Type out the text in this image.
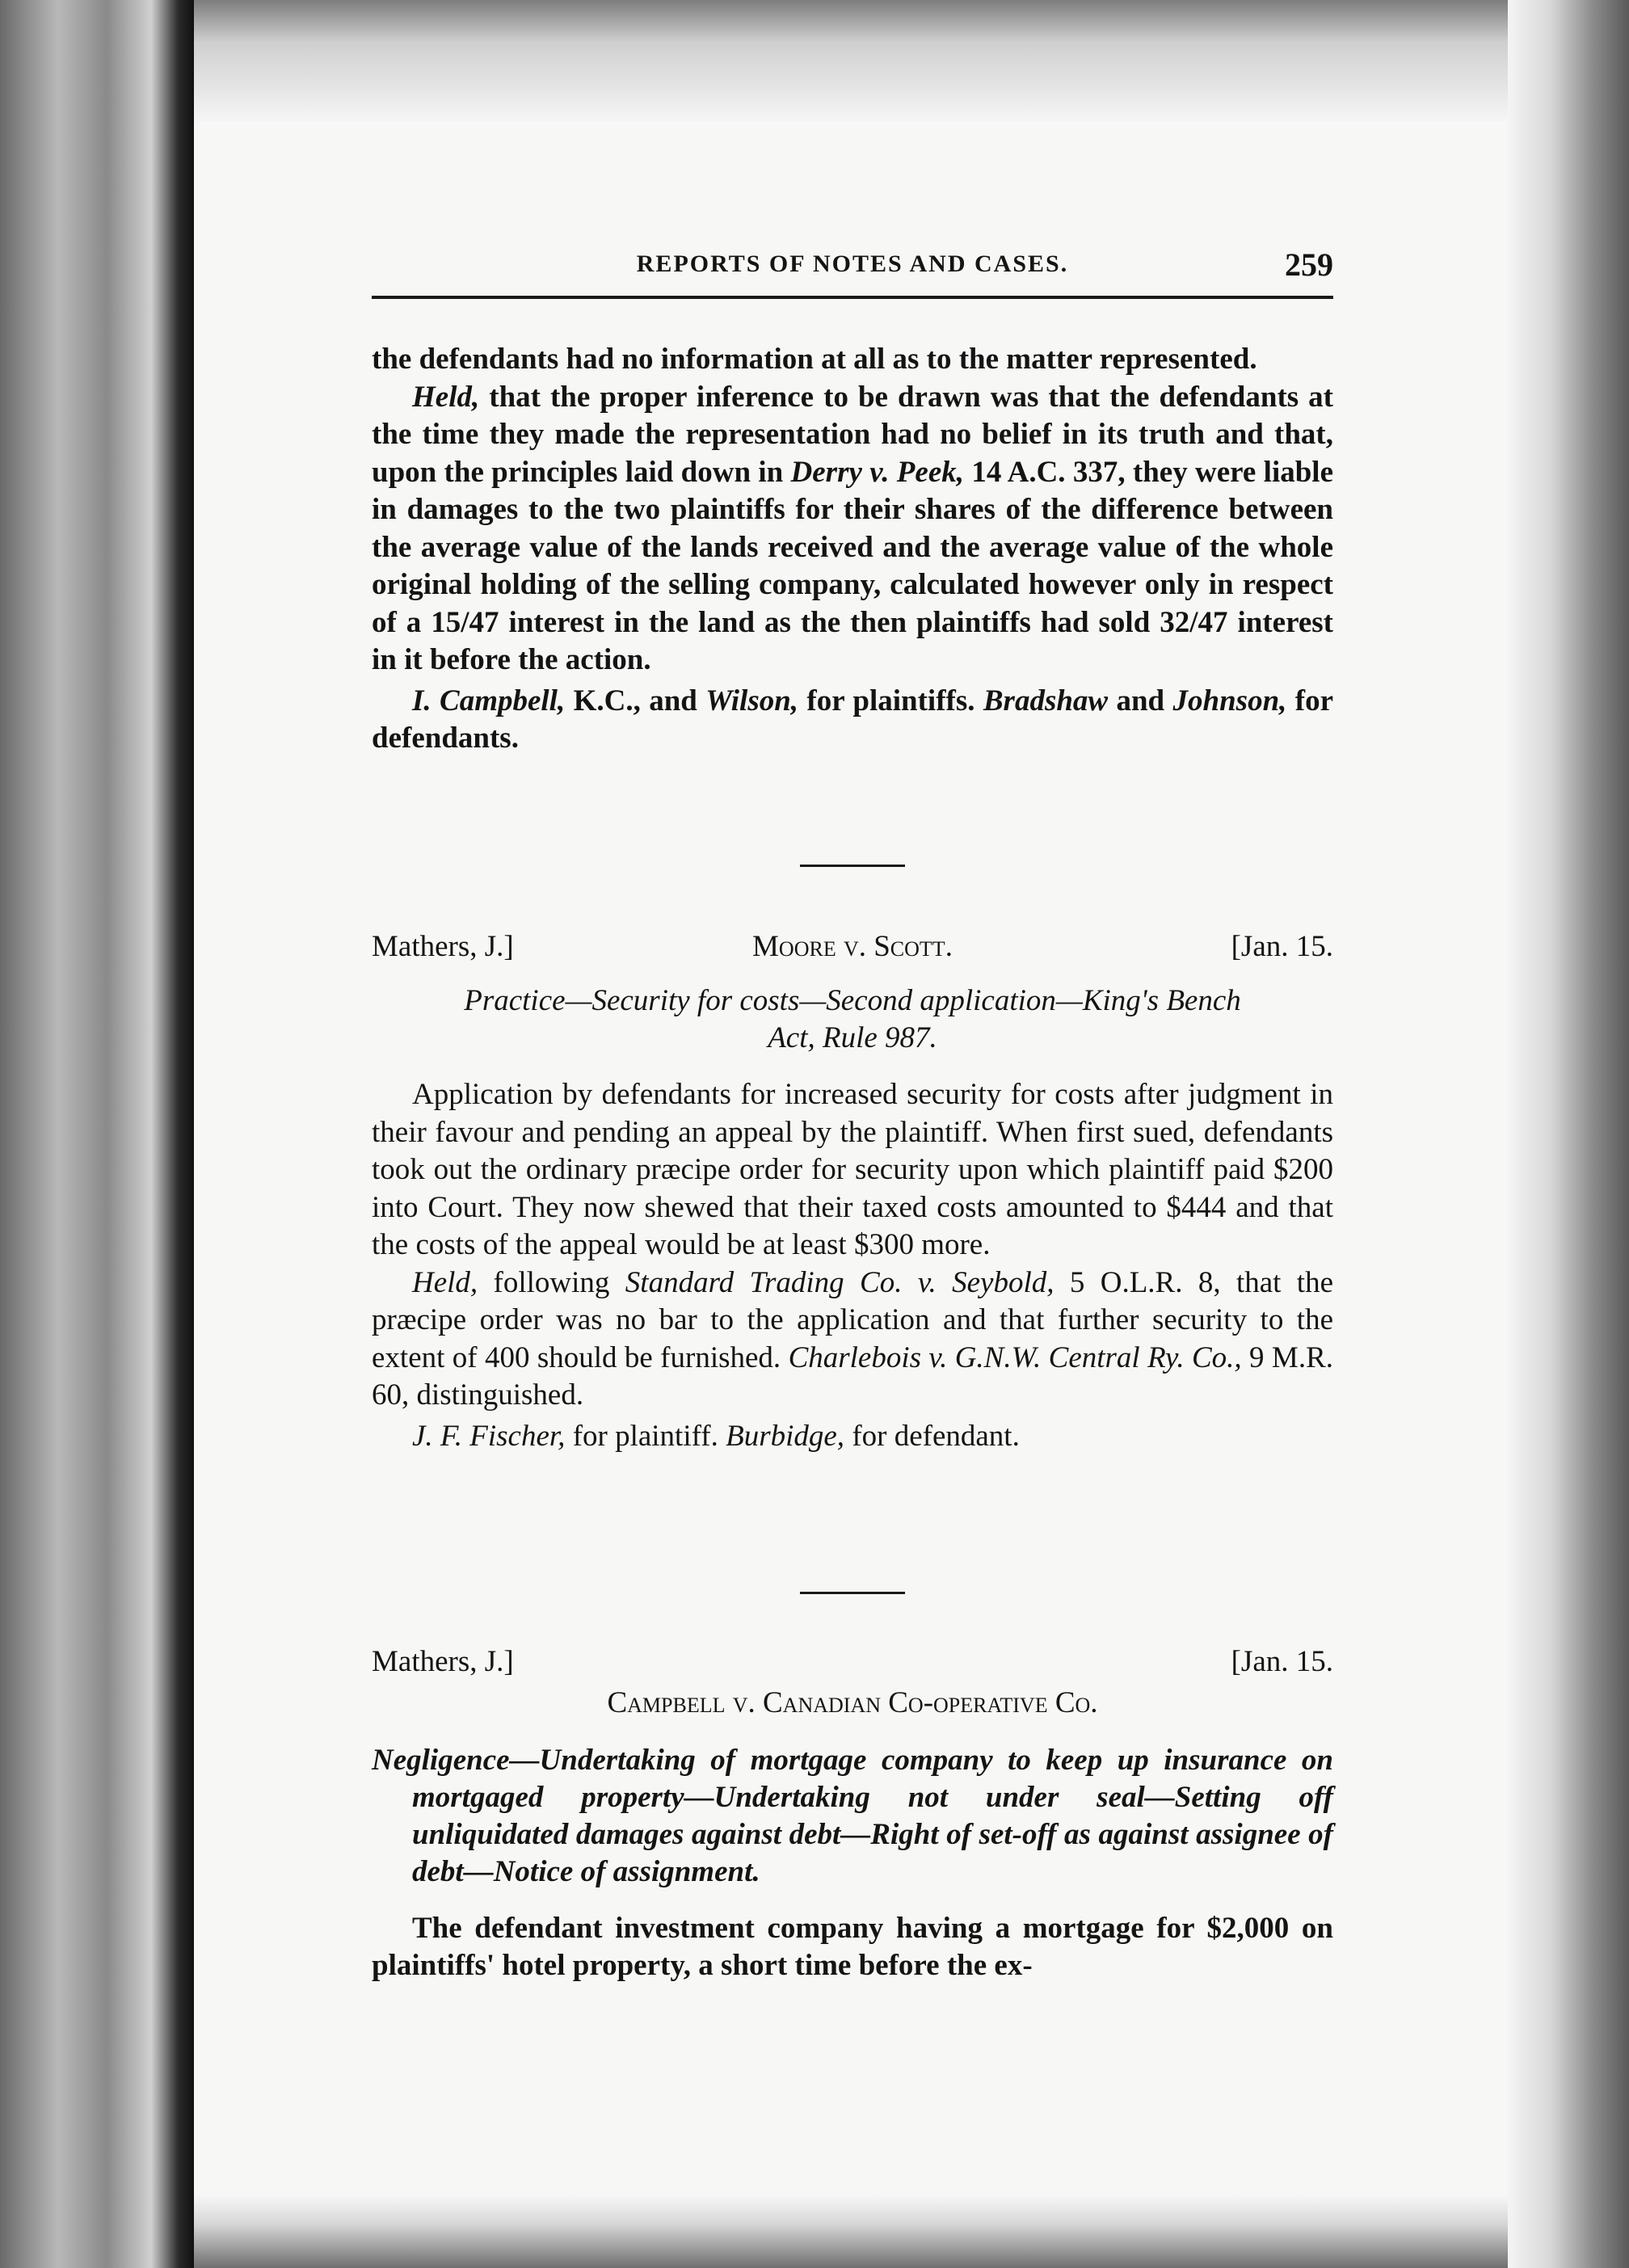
REPORTS OF NOTES AND CASES.	259

the defendants had no information at all as to the matter represented.

Held, that the proper inference to be drawn was that the defendants at the time they made the representation had no belief in its truth and that, upon the principles laid down in Derry v. Peek, 14 A.C. 337, they were liable in damages to the two plaintiffs for their shares of the difference between the average value of the lands received and the average value of the whole original holding of the selling company, calculated however only in respect of a 15/47 interest in the land as the then plaintiffs had sold 32/47 interest in it before the action.

I. Campbell, K.C., and Wilson, for plaintiffs. Bradshaw and Johnson, for defendants.

Mathers, J.]	Moore v. Scott.	[Jan. 15.

Practice—Security for costs—Second application—King's Bench

Act, Rule 987.

Application by defendants for increased security for costs after judgment in their favour and pending an appeal by the plaintiff. When first sued, defendants took out the ordinary præcipe order for security upon which plaintiff paid $200 into Court. They now shewed that their taxed costs amounted to $444 and that the costs of the appeal would be at least $300 more.

Held, following Standard Trading Co. v. Seybold, 5 O.L.R. 8, that the præcipe order was no bar to the application and that further security to the extent of 400 should be furnished. Charlebois v. G.N.W. Central Ry. Co., 9 M.R. 60, distinguished.

J. F. Fischer, for plaintiff. Burbidge, for defendant.

Mathers, J.]	[Jan. 15.

Campbell v. Canadian Co-operative Co.

Negligence—Undertaking of mortgage company to keep up insurance on mortgaged property—Undertaking not under seal—Setting off unliquidated damages against debt—Right of set-off as against assignee of debt—Notice of assignment.

The defendant investment company having a mortgage for $2,000 on plaintiffs' hotel property, a short time before the ex-
